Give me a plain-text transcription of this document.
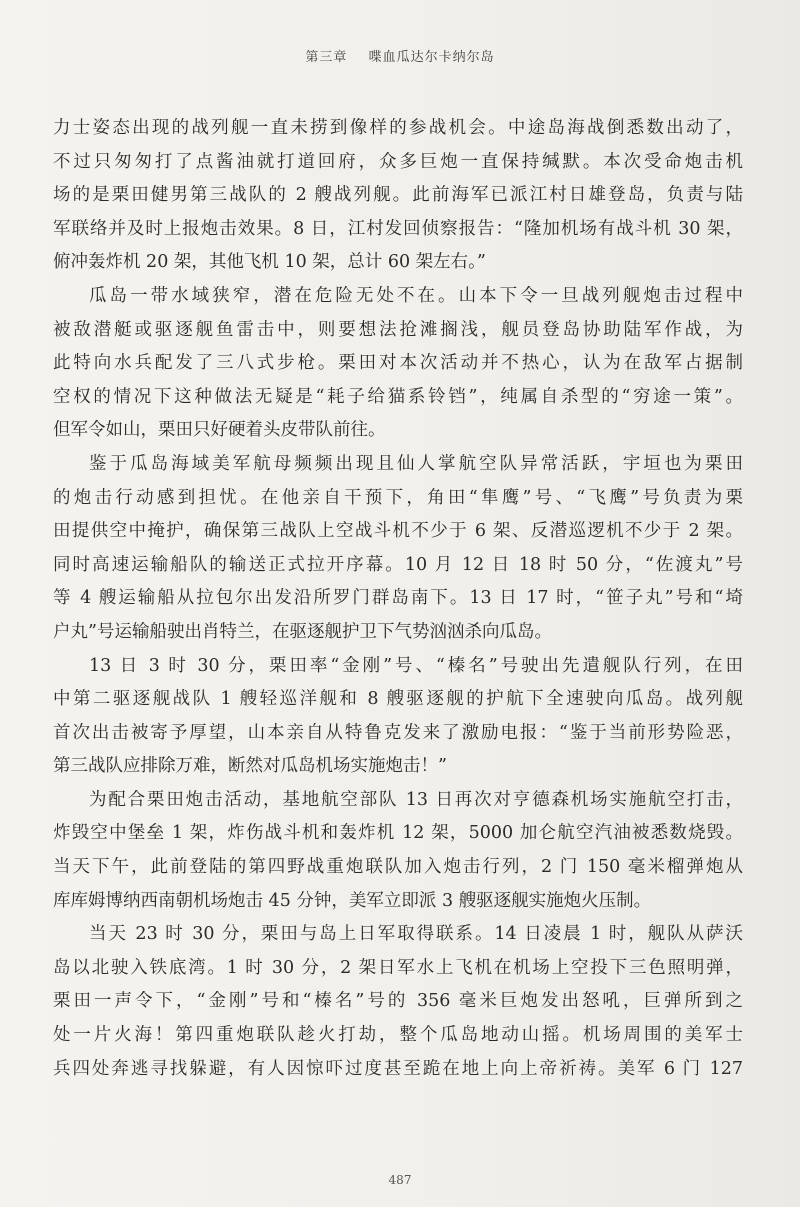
第三章 喋血瓜达尔卡纳尔岛
力士姿态出现的战列舰一直未捞到像样的参战机会。中途岛海战倒悉数出动了，
不过只匆匆打了点酱油就打道回府，众多巨炮一直保持缄默。本次受命炮击机
场的是栗田健男第三战队的 2 艘战列舰。此前海军已派江村日雄登岛，负责与陆
军联络并及时上报炮击效果。8 日，江村发回侦察报告：“隆加机场有战斗机 30 架，
俯冲轰炸机 20 架，其他飞机 10 架，总计 60 架左右。”
瓜岛一带水域狭窄，潜在危险无处不在。山本下令一旦战列舰炮击过程中
被敌潜艇或驱逐舰鱼雷击中，则要想法抢滩搁浅，舰员登岛协助陆军作战，为
此特向水兵配发了三八式步枪。栗田对本次活动并不热心，认为在敌军占据制
空权的情况下这种做法无疑是“耗子给猫系铃铛”，纯属自杀型的“穷途一策”。
但军令如山，栗田只好硬着头皮带队前往。
鉴于瓜岛海域美军航母频频出现且仙人掌航空队异常活跃，宇垣也为栗田
的炮击行动感到担忧。在他亲自干预下，角田“隼鹰”号、“飞鹰”号负责为栗
田提供空中掩护，确保第三战队上空战斗机不少于 6 架、反潜巡逻机不少于 2 架。
同时高速运输船队的输送正式拉开序幕。10 月 12 日 18 时 50 分，“佐渡丸”号
等 4 艘运输船从拉包尔出发沿所罗门群岛南下。13 日 17 时，“笹子丸”号和“埼
户丸”号运输船驶出肖特兰，在驱逐舰护卫下气势汹汹杀向瓜岛。
13 日 3 时 30 分，栗田率“金刚”号、“榛名”号驶出先遣舰队行列，在田
中第二驱逐舰战队 1 艘轻巡洋舰和 8 艘驱逐舰的护航下全速驶向瓜岛。战列舰
首次出击被寄予厚望，山本亲自从特鲁克发来了激励电报：“鉴于当前形势险恶，
第三战队应排除万难，断然对瓜岛机场实施炮击！”
为配合栗田炮击活动，基地航空部队 13 日再次对亨德森机场实施航空打击，
炸毁空中堡垒 1 架，炸伤战斗机和轰炸机 12 架，5000 加仑航空汽油被悉数烧毁。
当天下午，此前登陆的第四野战重炮联队加入炮击行列，2 门 150 毫米榴弹炮从
库库姆博纳西南朝机场炮击 45 分钟，美军立即派 3 艘驱逐舰实施炮火压制。
当天 23 时 30 分，栗田与岛上日军取得联系。14 日凌晨 1 时，舰队从萨沃
岛以北驶入铁底湾。1 时 30 分，2 架日军水上飞机在机场上空投下三色照明弹，
栗田一声令下，“金刚”号和“榛名”号的 356 毫米巨炮发出怒吼，巨弹所到之
处一片火海！第四重炮联队趁火打劫，整个瓜岛地动山摇。机场周围的美军士
兵四处奔逃寻找躲避，有人因惊吓过度甚至跪在地上向上帝祈祷。美军 6 门 127
487
